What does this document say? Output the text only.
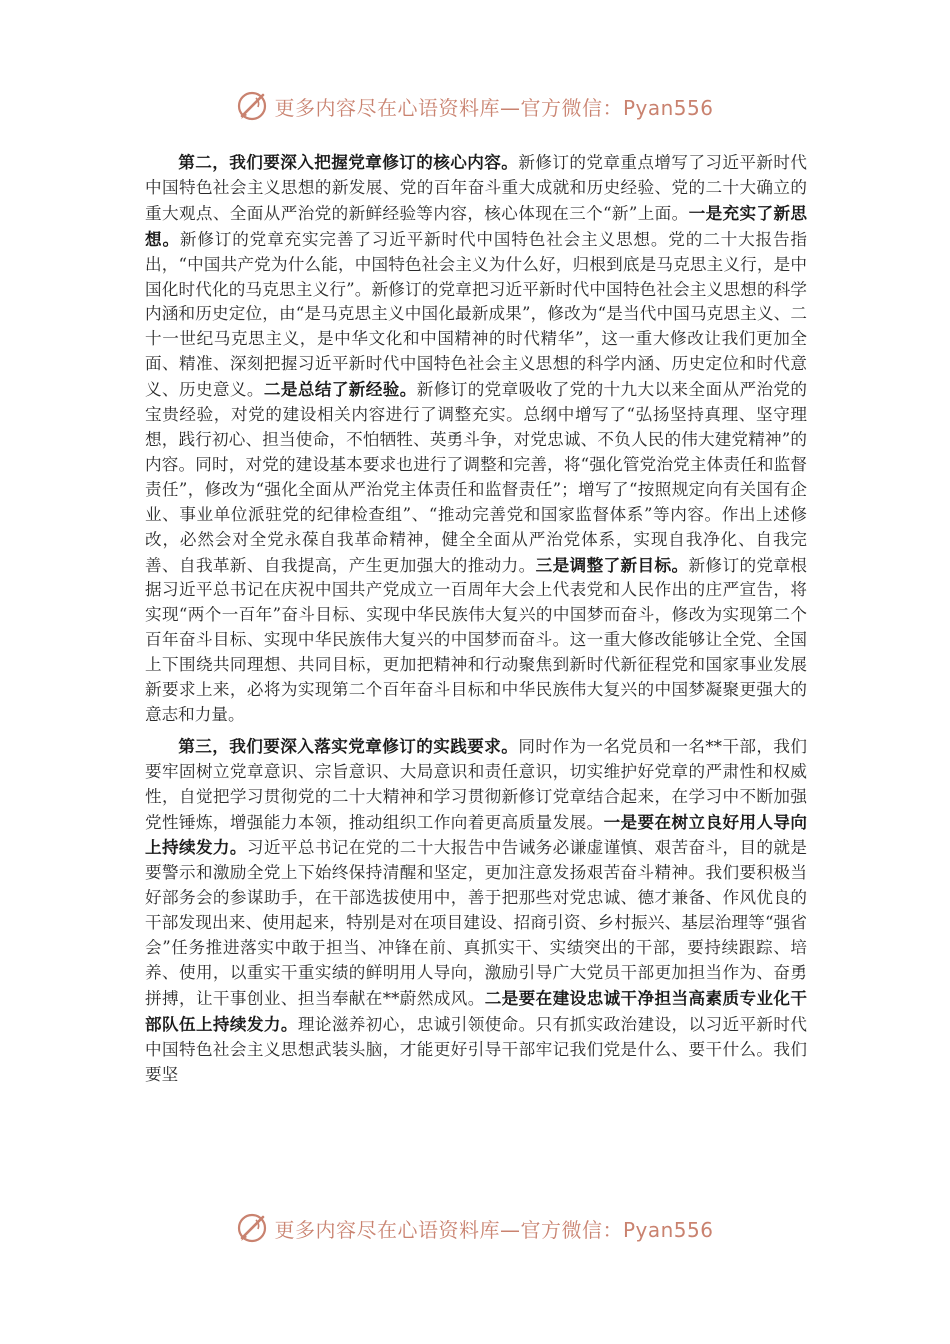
更多内容尽在心语资料库—官方微信：Pyan556

第二，我们要深入把握党章修订的核心内容。新修订的党章重点增写了习近平新时代中国特色社会主义思想的新发展、党的百年奋斗重大成就和历史经验、党的二十大确立的重大观点、全面从严治党的新鲜经验等内容，核心体现在三个“新”上面。一是充实了新思想。新修订的党章充实完善了习近平新时代中国特色社会主义思想。党的二十大报告指出，“中国共产党为什么能，中国特色社会主义为什么好，归根到底是马克思主义行，是中国化时代化的马克思主义行”。新修订的党章把习近平新时代中国特色社会主义思想的科学内涵和历史定位，由“是马克思主义中国化最新成果”，修改为“是当代中国马克思主义、二十一世纪马克思主义，是中华文化和中国精神的时代精华”，这一重大修改让我们更加全面、精准、深刻把握习近平新时代中国特色社会主义思想的科学内涵、历史定位和时代意义、历史意义。二是总结了新经验。新修订的党章吸收了党的十九大以来全面从严治党的宝贵经验，对党的建设相关内容进行了调整充实。总纲中增写了“弘扬坚持真理、坚守理想，践行初心、担当使命，不怕牺牲、英勇斗争，对党忠诚、不负人民的伟大建党精神”的内容。同时，对党的建设基本要求也进行了调整和完善，将“强化管党治党主体责任和监督责任”，修改为“强化全面从严治党主体责任和监督责任”；增写了“按照规定向有关国有企业、事业单位派驻党的纪律检查组”、“推动完善党和国家监督体系”等内容。作出上述修改，必然会对全党永葆自我革命精神，健全全面从严治党体系，实现自我净化、自我完善、自我革新、自我提高，产生更加强大的推动力。三是调整了新目标。新修订的党章根据习近平总书记在庆祝中国共产党成立一百周年大会上代表党和人民作出的庄严宣告，将实现“两个一百年”奋斗目标、实现中华民族伟大复兴的中国梦而奋斗，修改为实现第二个百年奋斗目标、实现中华民族伟大复兴的中国梦而奋斗。这一重大修改能够让全党、全国上下围绕共同理想、共同目标，更加把精神和行动聚焦到新时代新征程党和国家事业发展新要求上来，必将为实现第二个百年奋斗目标和中华民族伟大复兴的中国梦凝聚更强大的意志和力量。

第三，我们要深入落实党章修订的实践要求。同时作为一名党员和一名**干部，我们要牢固树立党章意识、宗旨意识、大局意识和责任意识，切实维护好党章的严肃性和权威性，自觉把学习贯彻党的二十大精神和学习贯彻新修订党章结合起来，在学习中不断加强党性锤炼，增强能力本领，推动组织工作向着更高质量发展。一是要在树立良好用人导向上持续发力。习近平总书记在党的二十大报告中告诫务必谦虚谨慎、艰苦奋斗，目的就是要警示和激励全党上下始终保持清醒和坚定，更加注意发扬艰苦奋斗精神。我们要积极当好部务会的参谋助手，在干部选拔使用中，善于把那些对党忠诚、德才兼备、作风优良的干部发现出来、使用起来，特别是对在项目建设、招商引资、乡村振兴、基层治理等“强省会”任务推进落实中敢于担当、冲锋在前、真抓实干、实绩突出的干部，要持续跟踪、培养、使用，以重实干重实绩的鲜明用人导向，激励引导广大党员干部更加担当作为、奋勇拼搏，让干事创业、担当奉献在**蔚然成风。二是要在建设忠诚干净担当高素质专业化干部队伍上持续发力。理论滋养初心，忠诚引领使命。只有抓实政治建设，以习近平新时代中国特色社会主义思想武装头脑，才能更好引导干部牢记我们党是什么、要干什么。我们要坚

更多内容尽在心语资料库—官方微信：Pyan556
